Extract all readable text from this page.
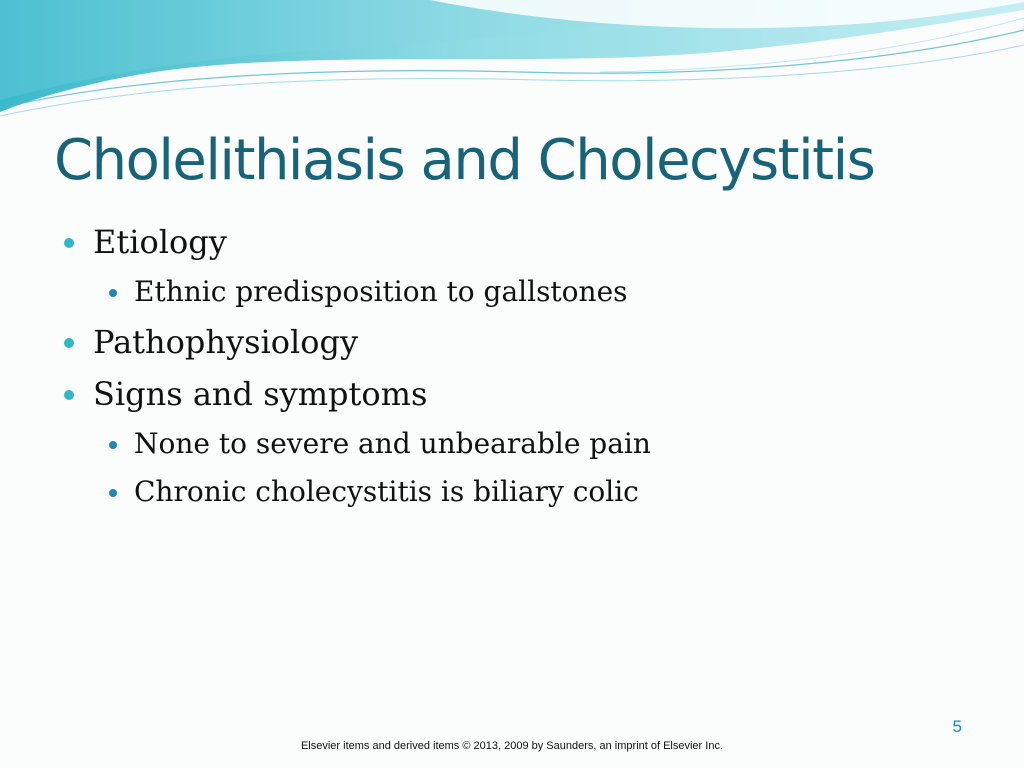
Cholelithiasis and Cholecystitis
Etiology
Ethnic predisposition to gallstones
Pathophysiology
Signs and symptoms
None to severe and unbearable pain
Chronic cholecystitis is biliary colic
5
Elsevier items and derived items © 2013, 2009 by Saunders, an imprint of Elsevier Inc.
